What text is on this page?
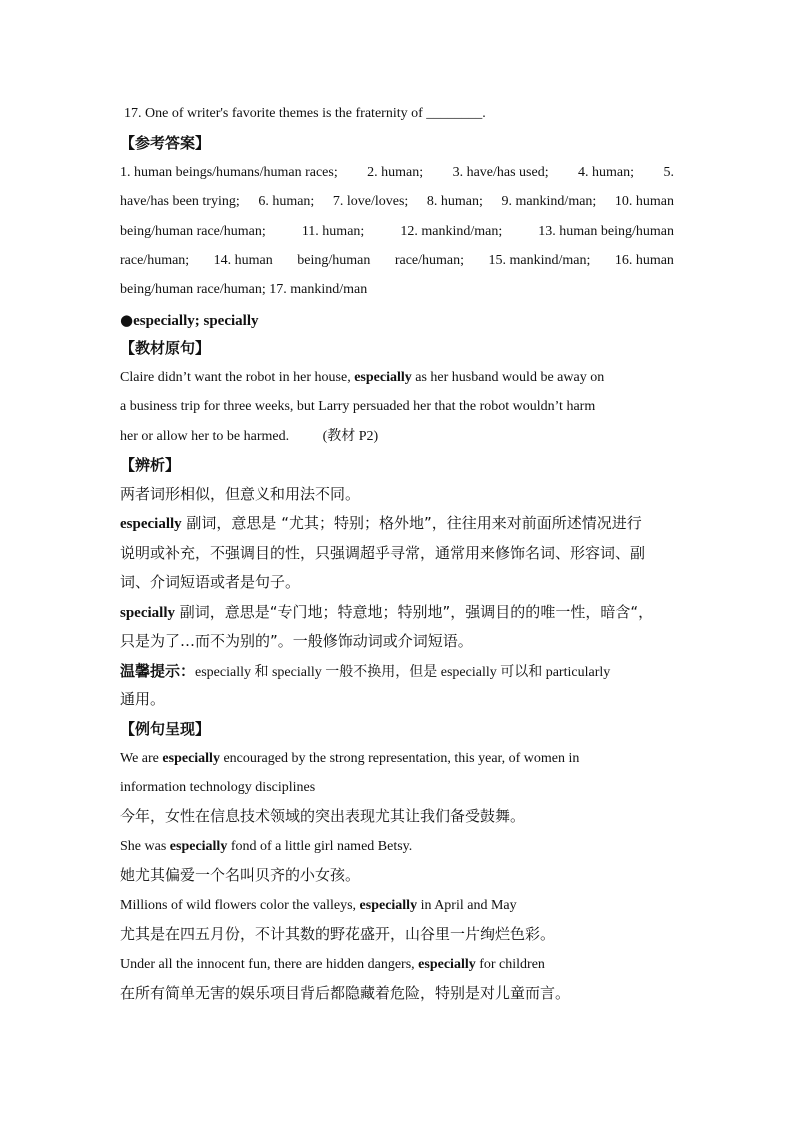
17. One of writer's favorite themes is the fraternity of ________.
【参考答案】
1. human beings/humans/human races; 2. human; 3. have/has used; 4. human; 5.
have/has been trying; 6. human; 7. love/loves; 8. human; 9. mankind/man; 10. human
being/human race/human;	11. human;	12. mankind/man;	13. human being/human
race/human; 14. human being/human race/human; 15. mankind/man; 16. human
being/human race/human; 17. mankind/man
●especially; specially
【教材原句】
Claire didn’t want the robot in her house, especially as her husband would be away on
a business trip for three weeks, but Larry persuaded her that the robot wouldn’t harm
her or allow her to be harmed. (教材 P2)
【辨析】
两者词形相似，但意义和用法不同。
especially 副词，意思是 “尤其；特别；格外地”，往往用来对前面所述情况进行
说明或补充，不强调目的性，只强调超乎寻常，通常用来修饰名词、形容词、副
词、介词短语或者是句子。
specially 副词，意思是“专门地；特意地；特别地”，强调目的的唯一性，暗含“，
只是为了…而不为别的”。一般修饰动词或介词短语。
温馨提示：especially 和 specially 一般不换用，但是 especially 可以和 particularly
通用。
【例句呈现】
We are especially encouraged by the strong representation, this year, of women in
information technology disciplines
今年，女性在信息技术领域的突出表现尤其让我们备受鼓舞。
She was especially fond of a little girl named Betsy.
她尤其偏爱一个名叫贝齐的小女孩。
Millions of wild flowers color the valleys, especially in April and May
尤其是在四五月份，不计其数的野花盛开，山谷里一片绚烂色彩。
Under all the innocent fun, there are hidden dangers, especially for children
在所有简单无害的娱乐项目背后都隐藏着危险，特别是对儿童而言。
